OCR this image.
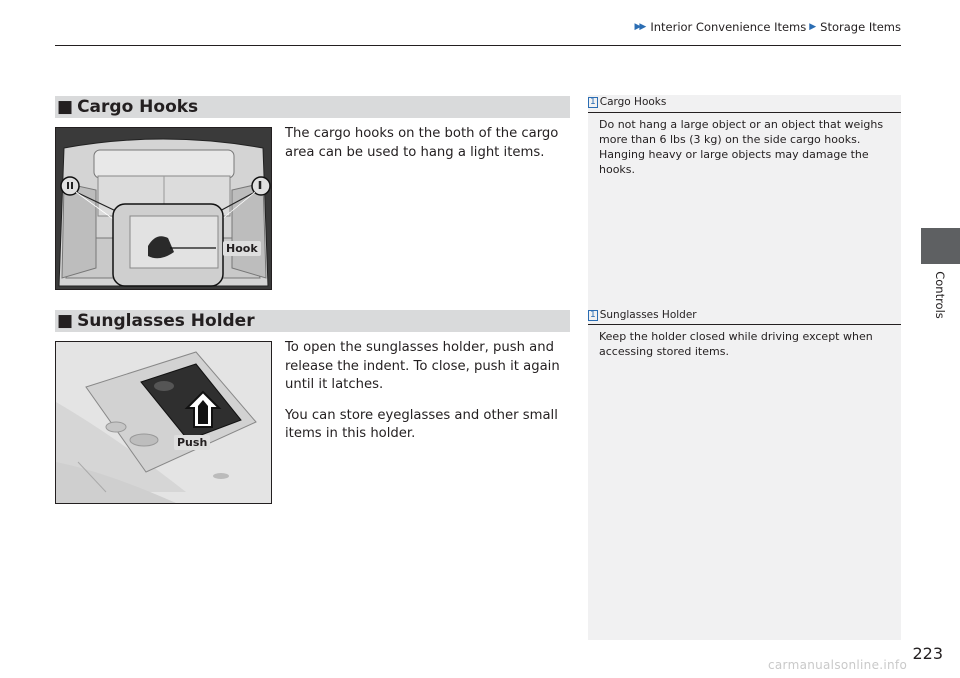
▶▶ Interior Convenience Items ▶ Storage Items
Controls
■ Cargo Hooks
Hook

The cargo hooks on the both of the cargo area can be used to hang a light items.

1 Cargo Hooks
Do not hang a large object or an object that weighs more than 6 lbs (3 kg) on the side cargo hooks. Hanging heavy or large objects may damage the hooks.
■ Sunglasses Holder
Push

To open the sunglasses holder, push and release the indent. To close, push it again until it latches.

You can store eyeglasses and other small items in this holder.

1 Sunglasses Holder
Keep the holder closed while driving except when accessing stored items.
223
carmanualsonline.info
